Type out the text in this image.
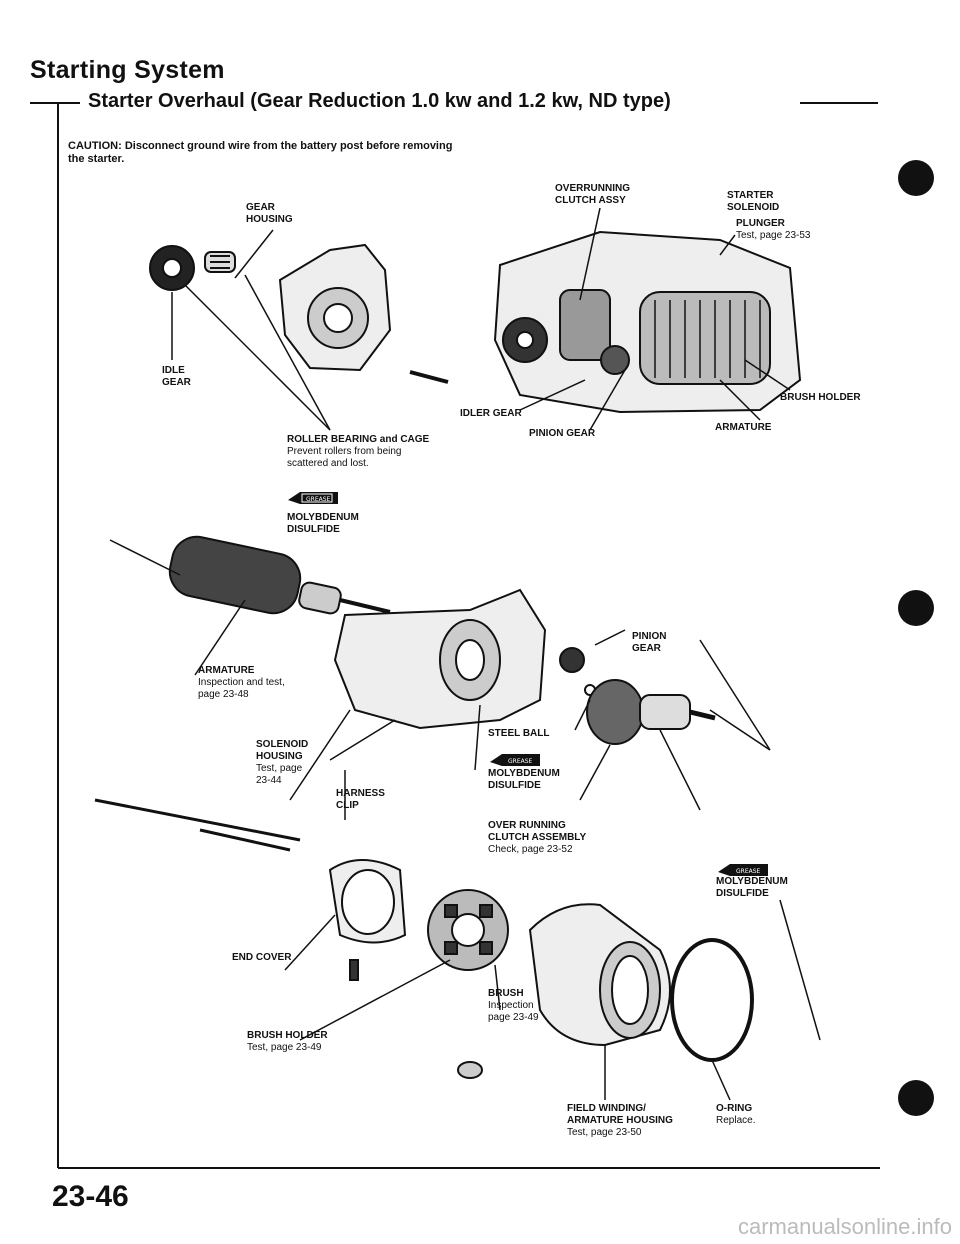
Starting System
Starter Overhaul (Gear Reduction 1.0 kw and 1.2 kw, ND type)
CAUTION: Disconnect ground wire from the battery post before removing the starter.
GREASE
GREASE
GREASE
GEAR
HOUSING
OVERRUNNING
CLUTCH ASSY	STARTER
SOLENOID
PLUNGER
Test, page 23-53
IDLE
GEAR
BRUSH HOLDER
IDLER GEAR
PINION GEAR
ARMATURE
ROLLER BEARING and CAGE
Prevent rollers from being
scattered and lost.
MOLYBDENUM
DISULFIDE
PINION
GEAR
ARMATURE
Inspection and test,
page 23-48
STEEL BALL
MOLYBDENUM
DISULFIDE
SOLENOID
HOUSING
Test, page
23-44
HARNESS
CLIP
OVER RUNNING
CLUTCH ASSEMBLY
Check, page 23-52
MOLYBDENUM
DISULFIDE
END COVER
BRUSH
Inspection
page 23-49
BRUSH HOLDER
Test, page 23-49
FIELD WINDING/
ARMATURE HOUSING
Test, page 23-50
O-RING
Replace.
23-46
carmanualsonline.info
